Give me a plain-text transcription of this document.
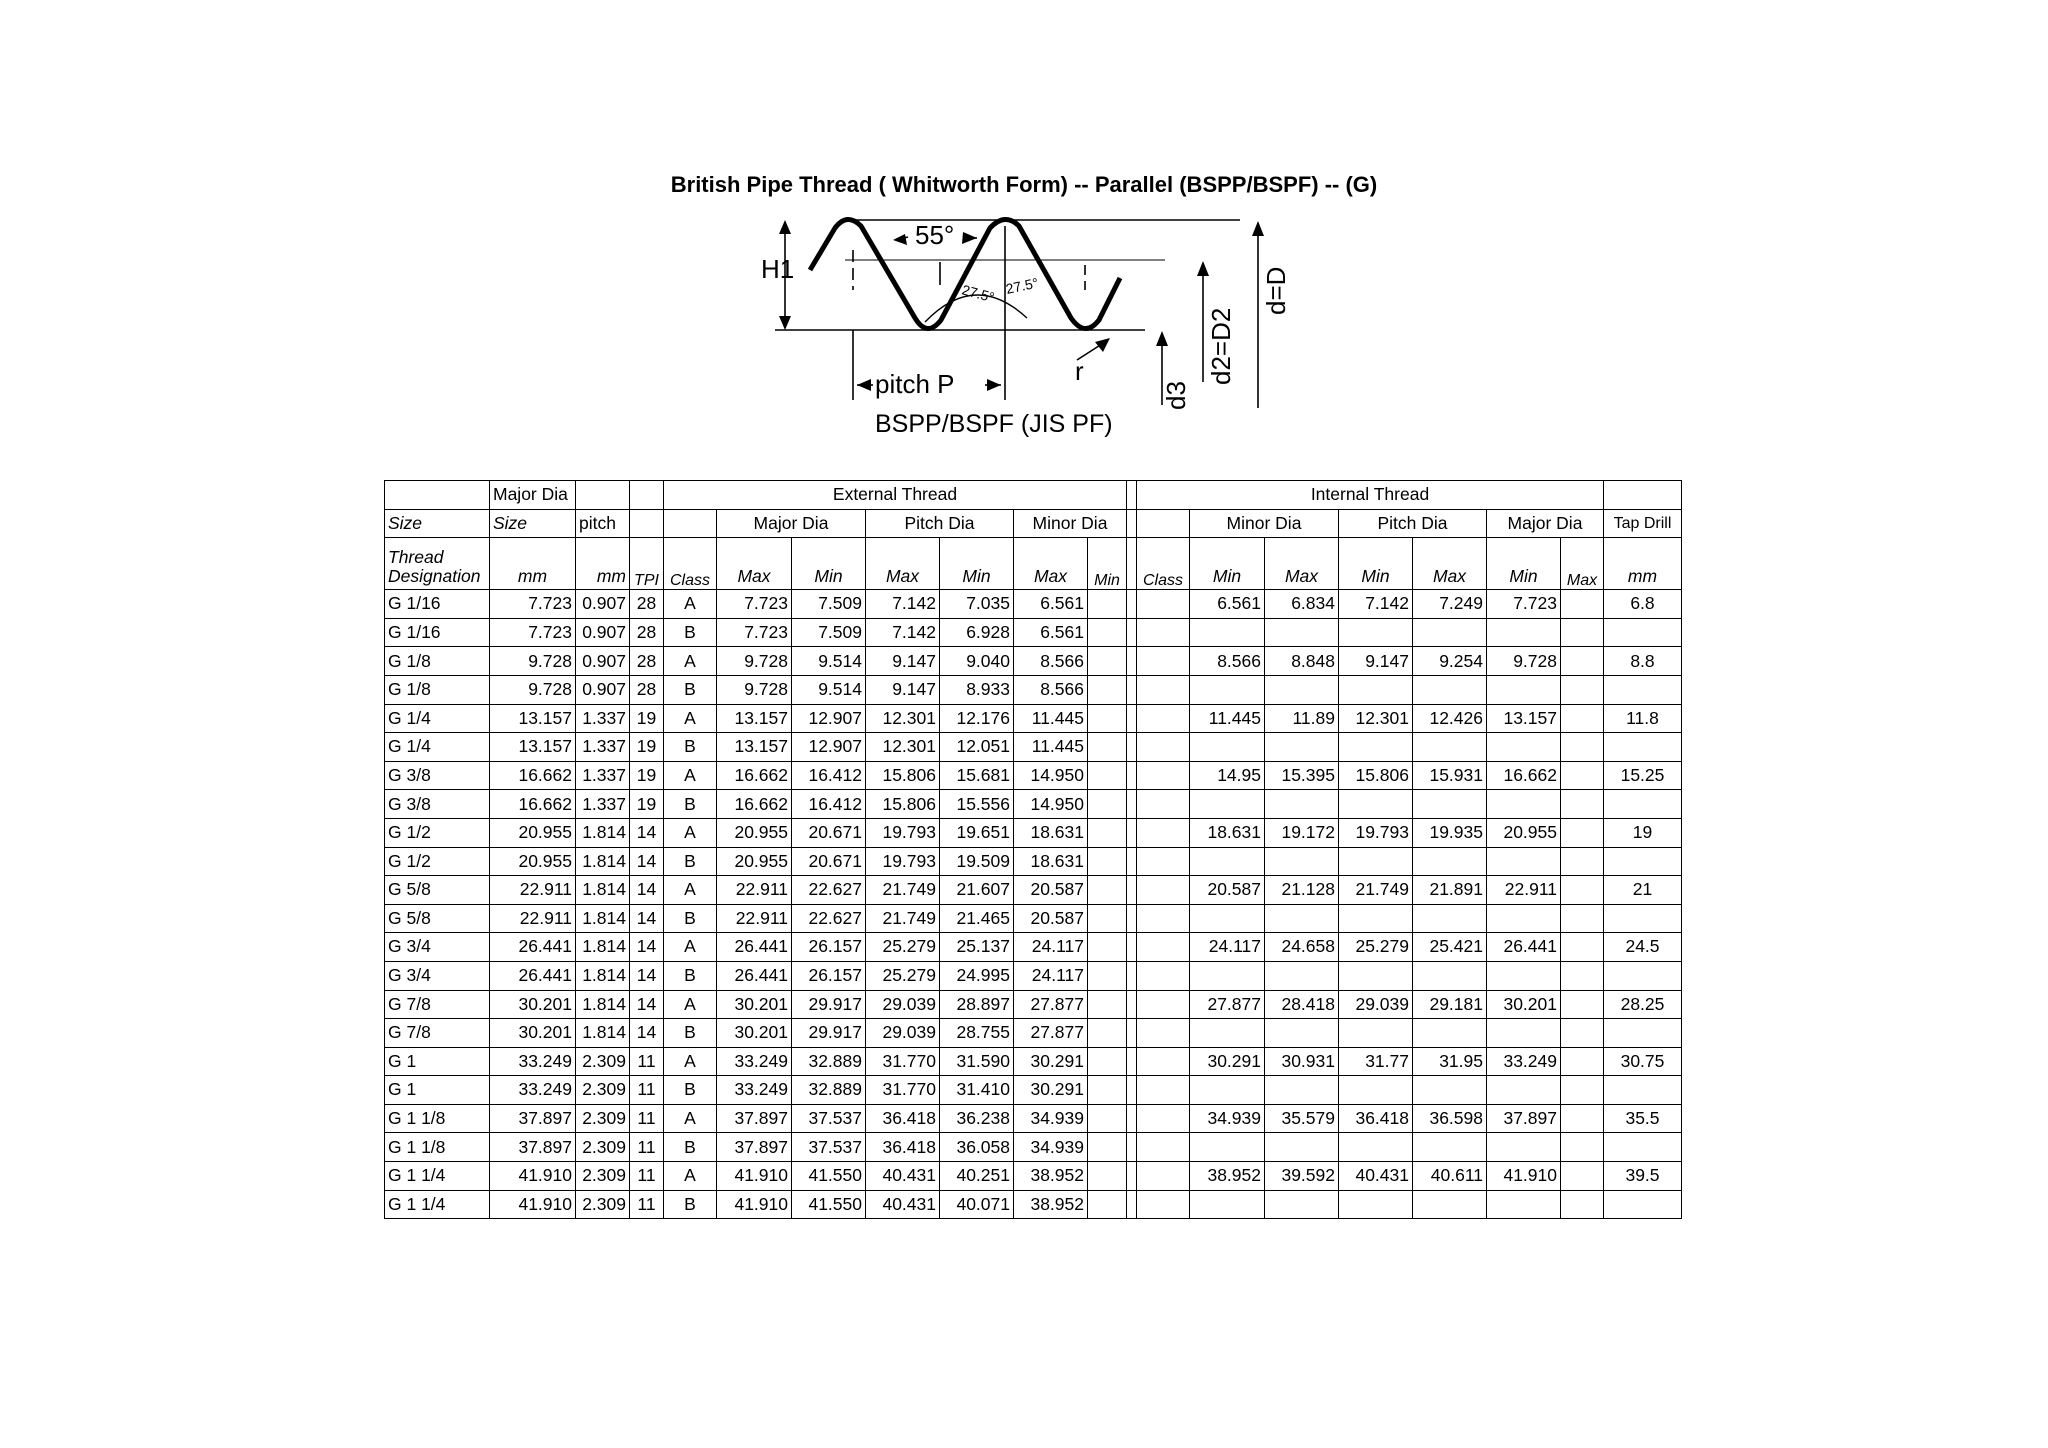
British Pipe Thread ( Whitworth Form) -- Parallel (BSPP/BSPF) -- (G)
55°
27.5° 27.5°
H1
pitch P	r
d3
d2=D2
d=D
BSPP/BSPF (JIS PF)
	Major Dia			External Thread								Internal Thread							
Size	Size	pitch			Major Dia		Pitch Dia		Minor Dia				Minor Dia		Pitch Dia		Major Dia		Tap Drill
Thread Designation	mm	mm	TPI	Class	Max	Min	Max	Min	Max	Min		Class	Min	Max	Min	Max	Min	Max	mm
G 1/16	7.723	0.907	28	A	7.723	7.509	7.142	7.035	6.561				6.561	6.834	7.142	7.249	7.723		6.8
G 1/16	7.723	0.907	28	B	7.723	7.509	7.142	6.928	6.561										
G 1/8	9.728	0.907	28	A	9.728	9.514	9.147	9.040	8.566				8.566	8.848	9.147	9.254	9.728		8.8
G 1/8	9.728	0.907	28	B	9.728	9.514	9.147	8.933	8.566										
G 1/4	13.157	1.337	19	A	13.157	12.907	12.301	12.176	11.445				11.445	11.89	12.301	12.426	13.157		11.8
G 1/4	13.157	1.337	19	B	13.157	12.907	12.301	12.051	11.445										
G 3/8	16.662	1.337	19	A	16.662	16.412	15.806	15.681	14.950				14.95	15.395	15.806	15.931	16.662		15.25
G 3/8	16.662	1.337	19	B	16.662	16.412	15.806	15.556	14.950										
G 1/2	20.955	1.814	14	A	20.955	20.671	19.793	19.651	18.631				18.631	19.172	19.793	19.935	20.955		19
G 1/2	20.955	1.814	14	B	20.955	20.671	19.793	19.509	18.631										
G 5/8	22.911	1.814	14	A	22.911	22.627	21.749	21.607	20.587				20.587	21.128	21.749	21.891	22.911		21
G 5/8	22.911	1.814	14	B	22.911	22.627	21.749	21.465	20.587										
G 3/4	26.441	1.814	14	A	26.441	26.157	25.279	25.137	24.117				24.117	24.658	25.279	25.421	26.441		24.5
G 3/4	26.441	1.814	14	B	26.441	26.157	25.279	24.995	24.117										
G 7/8	30.201	1.814	14	A	30.201	29.917	29.039	28.897	27.877				27.877	28.418	29.039	29.181	30.201		28.25
G 7/8	30.201	1.814	14	B	30.201	29.917	29.039	28.755	27.877										
G 1	33.249	2.309	11	A	33.249	32.889	31.770	31.590	30.291				30.291	30.931	31.77	31.95	33.249		30.75
G 1	33.249	2.309	11	B	33.249	32.889	31.770	31.410	30.291										
G 1 1/8	37.897	2.309	11	A	37.897	37.537	36.418	36.238	34.939				34.939	35.579	36.418	36.598	37.897		35.5
G 1 1/8	37.897	2.309	11	B	37.897	37.537	36.418	36.058	34.939										
G 1 1/4	41.910	2.309	11	A	41.910	41.550	40.431	40.251	38.952				38.952	39.592	40.431	40.611	41.910		39.5
G 1 1/4	41.910	2.309	11	B	41.910	41.550	40.431	40.071	38.952										
